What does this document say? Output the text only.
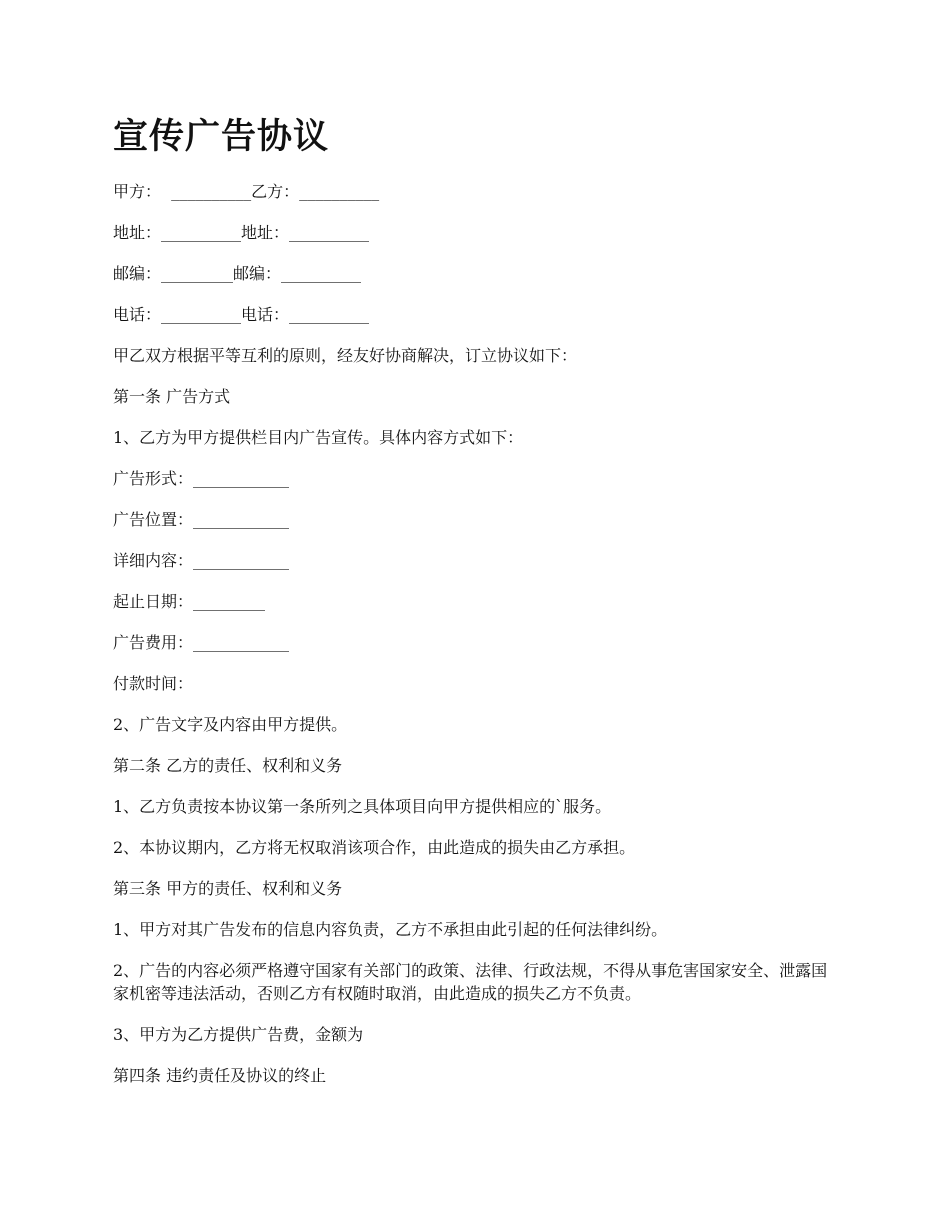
宣传广告协议

甲方：  __________乙方：__________

地址：__________地址：__________

邮编：_________邮编：__________

电话：__________电话：__________

甲乙双方根据平等互利的原则，经友好协商解决，订立协议如下：

第一条 广告方式

1、乙方为甲方提供栏目内广告宣传。具体内容方式如下：

广告形式：____________

广告位置：____________

详细内容：____________

起止日期：_________

广告费用：____________

付款时间：

2、广告文字及内容由甲方提供。

第二条 乙方的责任、权利和义务

1、乙方负责按本协议第一条所列之具体项目向甲方提供相应的`服务。

2、本协议期内，乙方将无权取消该项合作，由此造成的损失由乙方承担。

第三条 甲方的责任、权利和义务

1、甲方对其广告发布的信息内容负责，乙方不承担由此引起的任何法律纠纷。

2、广告的内容必须严格遵守国家有关部门的政策、法律、行政法规，不得从事危害国家安全、泄露国家机密等违法活动，否则乙方有权随时取消，由此造成的损失乙方不负责。

3、甲方为乙方提供广告费，金额为

第四条 违约责任及协议的终止
